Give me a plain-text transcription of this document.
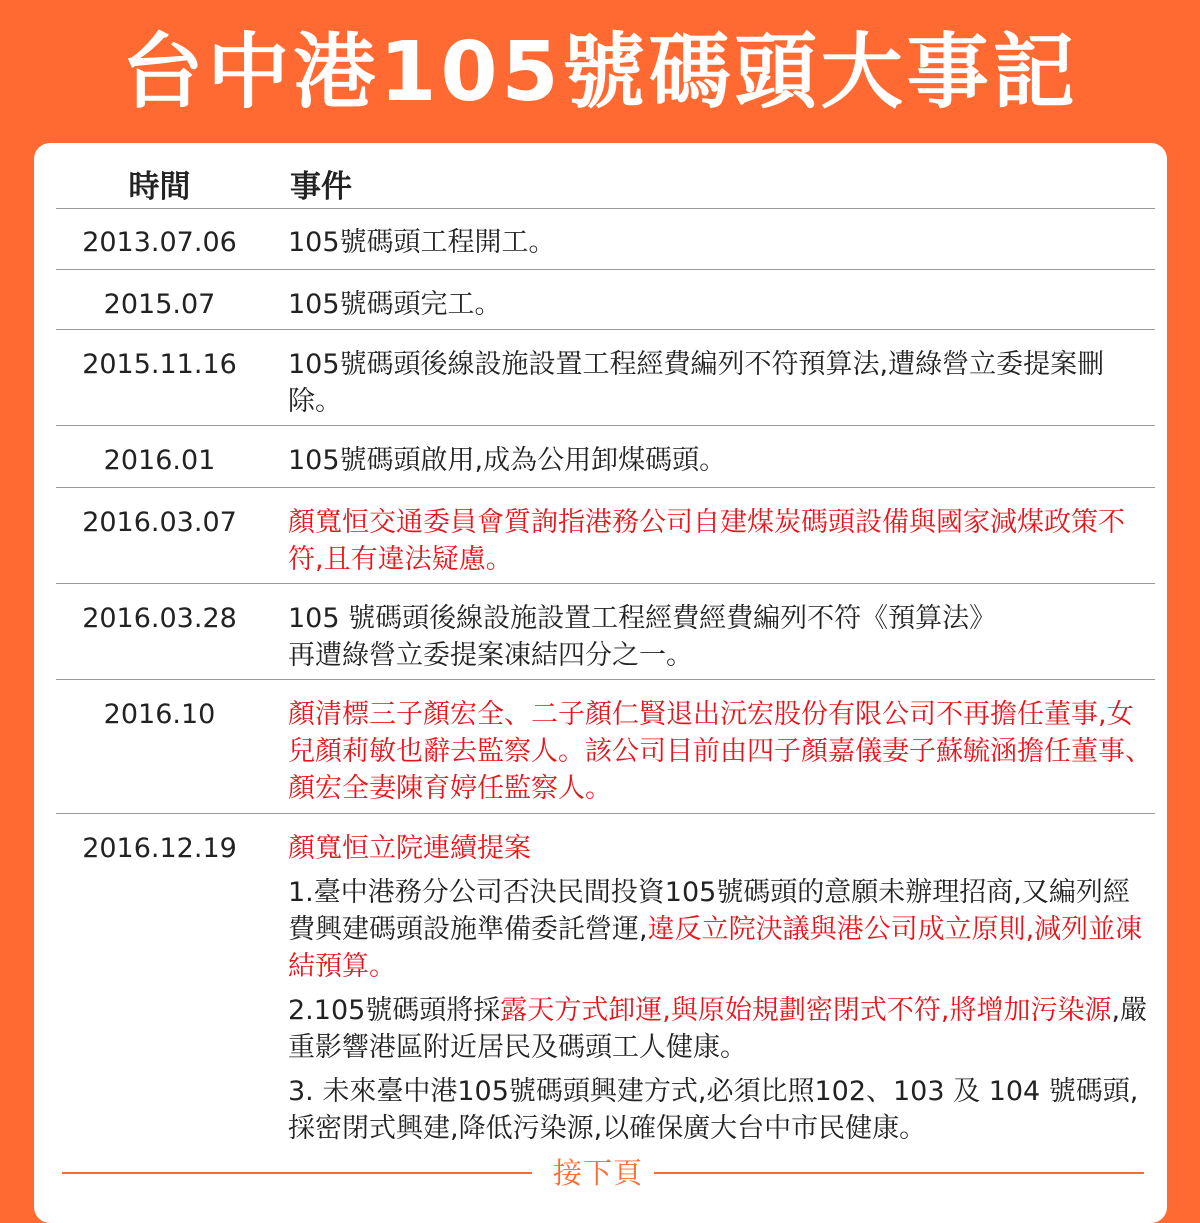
台中港105號碼頭大事記
時間	事件
2013.07.06	105號碼頭工程開工。
2015.07	105號碼頭完工。
2015.11.16	105號碼頭後線設施設置工程經費編列不符預算法,遭綠營立委提案刪除。
2016.01	105號碼頭啟用,成為公用卸煤碼頭。
2016.03.07	顏寬恒交通委員會質詢指港務公司自建煤炭碼頭設備與國家減煤政策不符,且有違法疑慮。
2016.03.28	105 號碼頭後線設施設置工程經費經費編列不符《預算法》
再遭綠營立委提案凍結四分之一。
2016.10	顏清標三子顏宏全、二子顏仁賢退出沅宏股份有限公司不再擔任董事,女兒顏莉敏也辭去監察人。該公司目前由四子顏嘉儀妻子蘇毓涵擔任董事、顏宏全妻陳育婷任監察人。
2016.12.19	顏寬恒立院連續提案
1.臺中港務分公司否決民間投資105號碼頭的意願未辦理招商,又編列經費興建碼頭設施準備委託營運,違反立院決議與港公司成立原則,減列並凍結預算。
2.105號碼頭將採露天方式卸運,與原始規劃密閉式不符,將增加污染源,嚴重影響港區附近居民及碼頭工人健康。
3. 未來臺中港105號碼頭興建方式,必須比照102、103 及 104 號碼頭,採密閉式興建,降低污染源,以確保廣大台中市民健康。
接下頁
